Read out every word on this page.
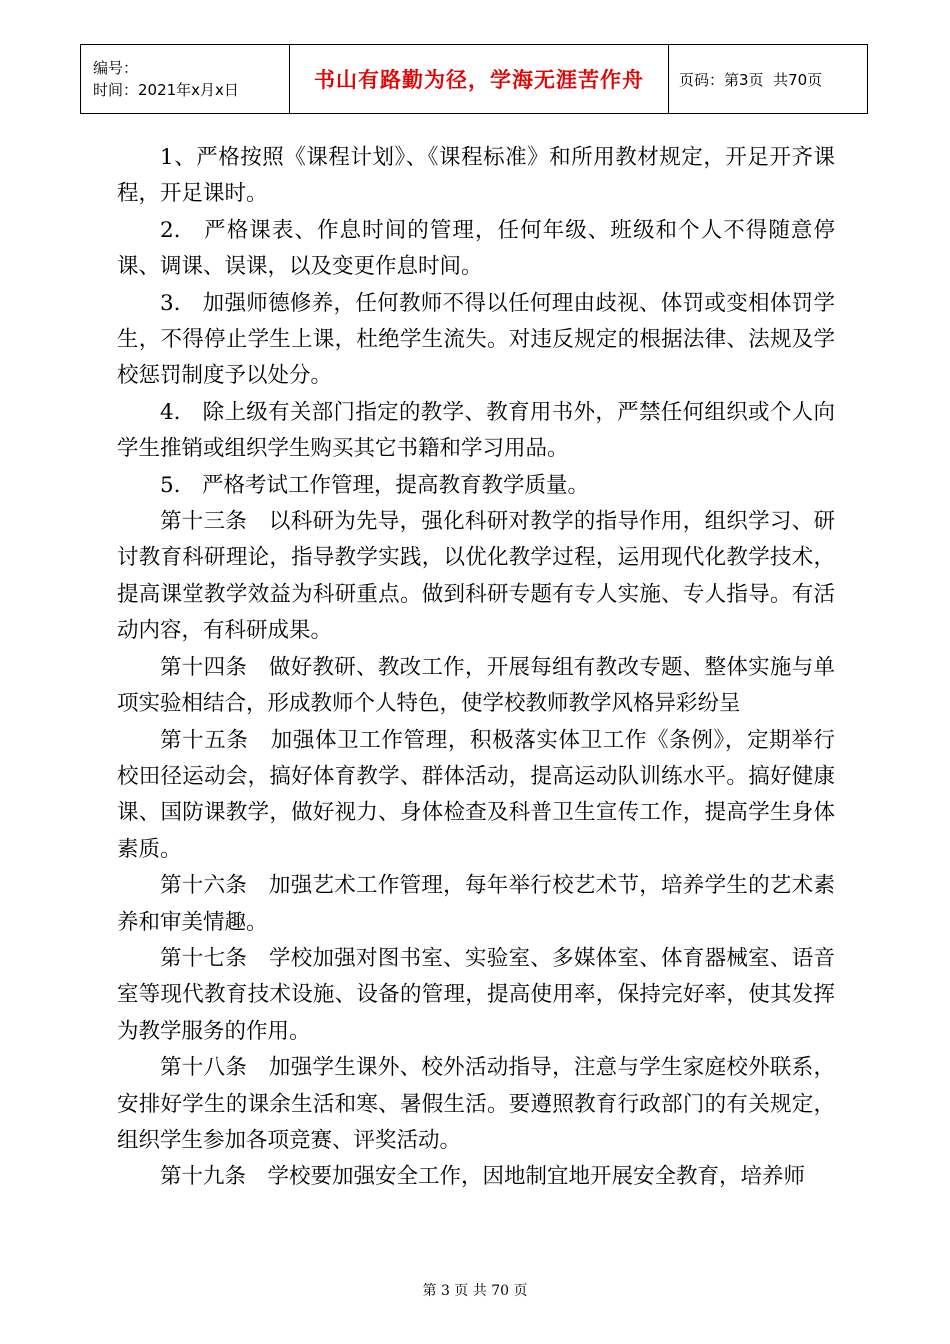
编号：
时间：2021年x月x日	书山有路勤为径，学海无涯苦作舟	页码：第3页  共70页

1、严格按照《课程计划》、《课程标准》和所用教材规定，开足开齐课程，开足课时。

2.　严格课表、作息时间的管理，任何年级、班级和个人不得随意停课、调课、误课，以及变更作息时间。

3.　加强师德修养，任何教师不得以任何理由歧视、体罚或变相体罚学生，不得停止学生上课，杜绝学生流失。对违反规定的根据法律、法规及学校惩罚制度予以处分。

4.　除上级有关部门指定的教学、教育用书外，严禁任何组织或个人向学生推销或组织学生购买其它书籍和学习用品。

5.　严格考试工作管理，提高教育教学质量。

第十三条　以科研为先导，强化科研对教学的指导作用，组织学习、研讨教育科研理论，指导教学实践，以优化教学过程，运用现代化教学技术，提高课堂教学效益为科研重点。做到科研专题有专人实施、专人指导。有活动内容，有科研成果。

第十四条　做好教研、教改工作，开展每组有教改专题、整体实施与单项实验相结合，形成教师个人特色，使学校教师教学风格异彩纷呈

第十五条　加强体卫工作管理，积极落实体卫工作《条例》，定期举行校田径运动会，搞好体育教学、群体活动，提高运动队训练水平。搞好健康课、国防课教学，做好视力、身体检查及科普卫生宣传工作，提高学生身体素质。

第十六条　加强艺术工作管理，每年举行校艺术节，培养学生的艺术素养和审美情趣。

第十七条　学校加强对图书室、实验室、多媒体室、体育器械室、语音室等现代教育技术设施、设备的管理，提高使用率，保持完好率，使其发挥为教学服务的作用。

第十八条　加强学生课外、校外活动指导，注意与学生家庭校外联系，安排好学生的课余生活和寒、暑假生活。要遵照教育行政部门的有关规定，组织学生参加各项竞赛、评奖活动。

第十九条　学校要加强安全工作，因地制宜地开展安全教育，培养师

第 3 页 共 70 页
